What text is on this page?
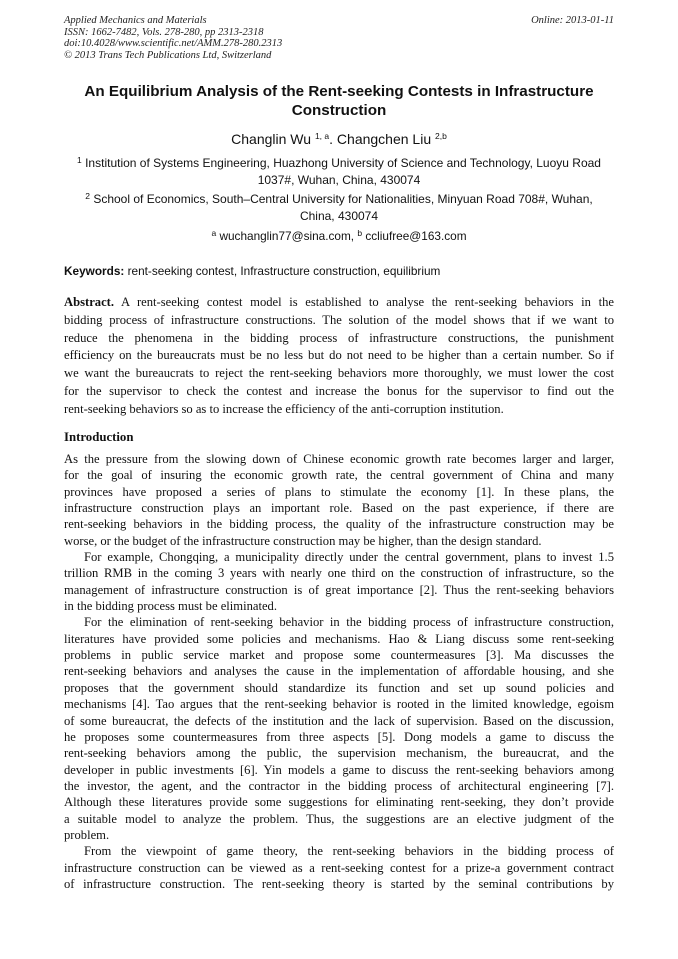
Applied Mechanics and Materials
ISSN: 1662-7482, Vols. 278-280, pp 2313-2318
doi:10.4028/www.scientific.net/AMM.278-280.2313
© 2013 Trans Tech Publications Ltd, Switzerland
Online: 2013-01-11
An Equilibrium Analysis of the Rent-seeking Contests in Infrastructure
Construction
Changlin Wu $^{1, a}$. Changchen Liu $^{2,b}$
$^1$ Institution of Systems Engineering, Huazhong University of Science and Technology, Luoyu Road
1037#, Wuhan, China, 430074
$^2$ School of Economics, South–Central University for Nationalities, Minyuan Road 708#, Wuhan,
China, 430074
$^a$ wuchanglin77@sina.com, $^b$ ccliufree@163.com
Keywords: rent-seeking contest, Infrastructure construction, equilibrium
Abstract. A rent-seeking contest model is established to analyse the rent-seeking behaviors in the
bidding process of infrastructure constructions. The solution of the model shows that if we want to
reduce the phenomena in the bidding process of infrastructure constructions, the punishment
efficiency on the bureaucrats must be no less but do not need to be higher than a certain number. So if
we want the bureaucrats to reject the rent-seeking behaviors more thoroughly, we must lower the cost
for the supervisor to check the contest and increase the bonus for the supervisor to find out the
rent-seeking behaviors so as to increase the efficiency of the anti-corruption institution.
Introduction
As the pressure from the slowing down of Chinese economic growth rate becomes larger and larger,
for the goal of insuring the economic growth rate, the central government of China and many
provinces have proposed a series of plans to stimulate the economy [1]. In these plans, the
infrastructure construction plays an important role. Based on the past experience, if there are
rent-seeking behaviors in the bidding process, the quality of the infrastructure construction may be
worse, or the budget of the infrastructure construction may be higher, than the design standard.
For example, Chongqing, a municipality directly under the central government, plans to invest 1.5
trillion RMB in the coming 3 years with nearly one third on the construction of infrastructure, so the
management of infrastructure construction is of great importance [2]. Thus the rent-seeking behaviors
in the bidding process must be eliminated.
For the elimination of rent-seeking behavior in the bidding process of infrastructure construction,
literatures have provided some policies and mechanisms. Hao & Liang discuss some rent-seeking
problems in public service market and propose some countermeasures [3]. Ma discusses the
rent-seeking behaviors and analyses the cause in the implementation of affordable housing, and she
proposes that the government should standardize its function and set up sound policies and
mechanisms [4]. Tao argues that the rent-seeking behavior is rooted in the limited knowledge, egoism
of some bureaucrat, the defects of the institution and the lack of supervision. Based on the discussion,
he proposes some countermeasures from three aspects [5]. Dong models a game to discuss the
rent-seeking behaviors among the public, the supervision mechanism, the bureaucrat, and the
developer in public investments [6]. Yin models a game to discuss the rent-seeking behaviors among
the investor, the agent, and the contractor in the bidding process of architectural engineering [7].
Although these literatures provide some suggestions for eliminating rent-seeking, they don’t provide
a suitable model to analyze the problem. Thus, the suggestions are an elective judgment of the
problem.
From the viewpoint of game theory, the rent-seeking behaviors in the bidding process of
infrastructure construction can be viewed as a rent-seeking contest for a prize-a government contract
of infrastructure construction. The rent-seeking theory is started by the seminal contributions by
